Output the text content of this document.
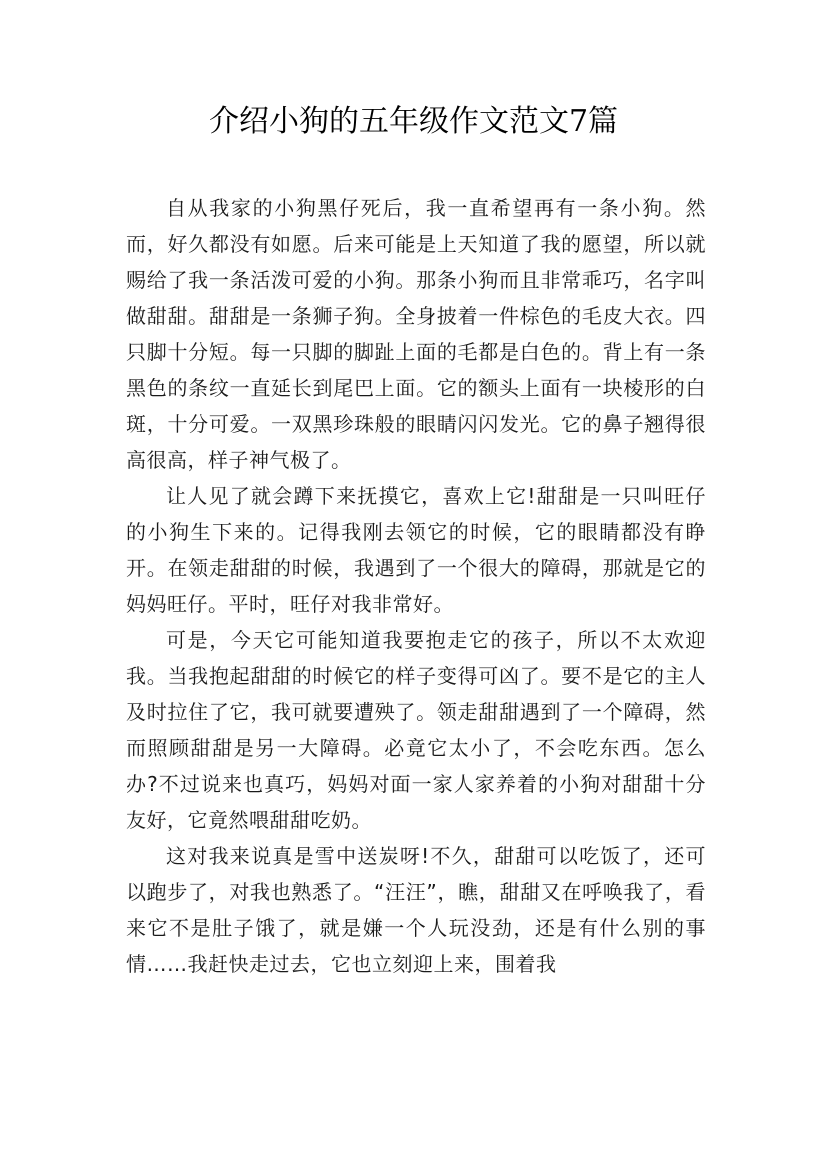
介绍小狗的五年级作文范文7篇

自从我家的小狗黑仔死后，我一直希望再有一条小狗。然而，好久都没有如愿。后来可能是上天知道了我的愿望，所以就赐给了我一条活泼可爱的小狗。那条小狗而且非常乖巧，名字叫做甜甜。甜甜是一条狮子狗。全身披着一件棕色的毛皮大衣。四只脚十分短。每一只脚的脚趾上面的毛都是白色的。背上有一条黑色的条纹一直延长到尾巴上面。它的额头上面有一块棱形的白斑，十分可爱。一双黑珍珠般的眼睛闪闪发光。它的鼻子翘得很高很高，样子神气极了。

让人见了就会蹲下来抚摸它，喜欢上它!甜甜是一只叫旺仔的小狗生下来的。记得我刚去领它的时候，它的眼睛都没有睁开。在领走甜甜的时候，我遇到了一个很大的障碍，那就是它的妈妈旺仔。平时，旺仔对我非常好。

可是，今天它可能知道我要抱走它的孩子，所以不太欢迎我。当我抱起甜甜的时候它的样子变得可凶了。要不是它的主人及时拉住了它，我可就要遭殃了。领走甜甜遇到了一个障碍，然而照顾甜甜是另一大障碍。必竟它太小了，不会吃东西。怎么办?不过说来也真巧，妈妈对面一家人家养着的小狗对甜甜十分友好，它竟然喂甜甜吃奶。

这对我来说真是雪中送炭呀!不久，甜甜可以吃饭了，还可以跑步了，对我也熟悉了。“汪汪”，瞧，甜甜又在呼唤我了，看来它不是肚子饿了，就是嫌一个人玩没劲，还是有什么别的事情……我赶快走过去，它也立刻迎上来，围着我
